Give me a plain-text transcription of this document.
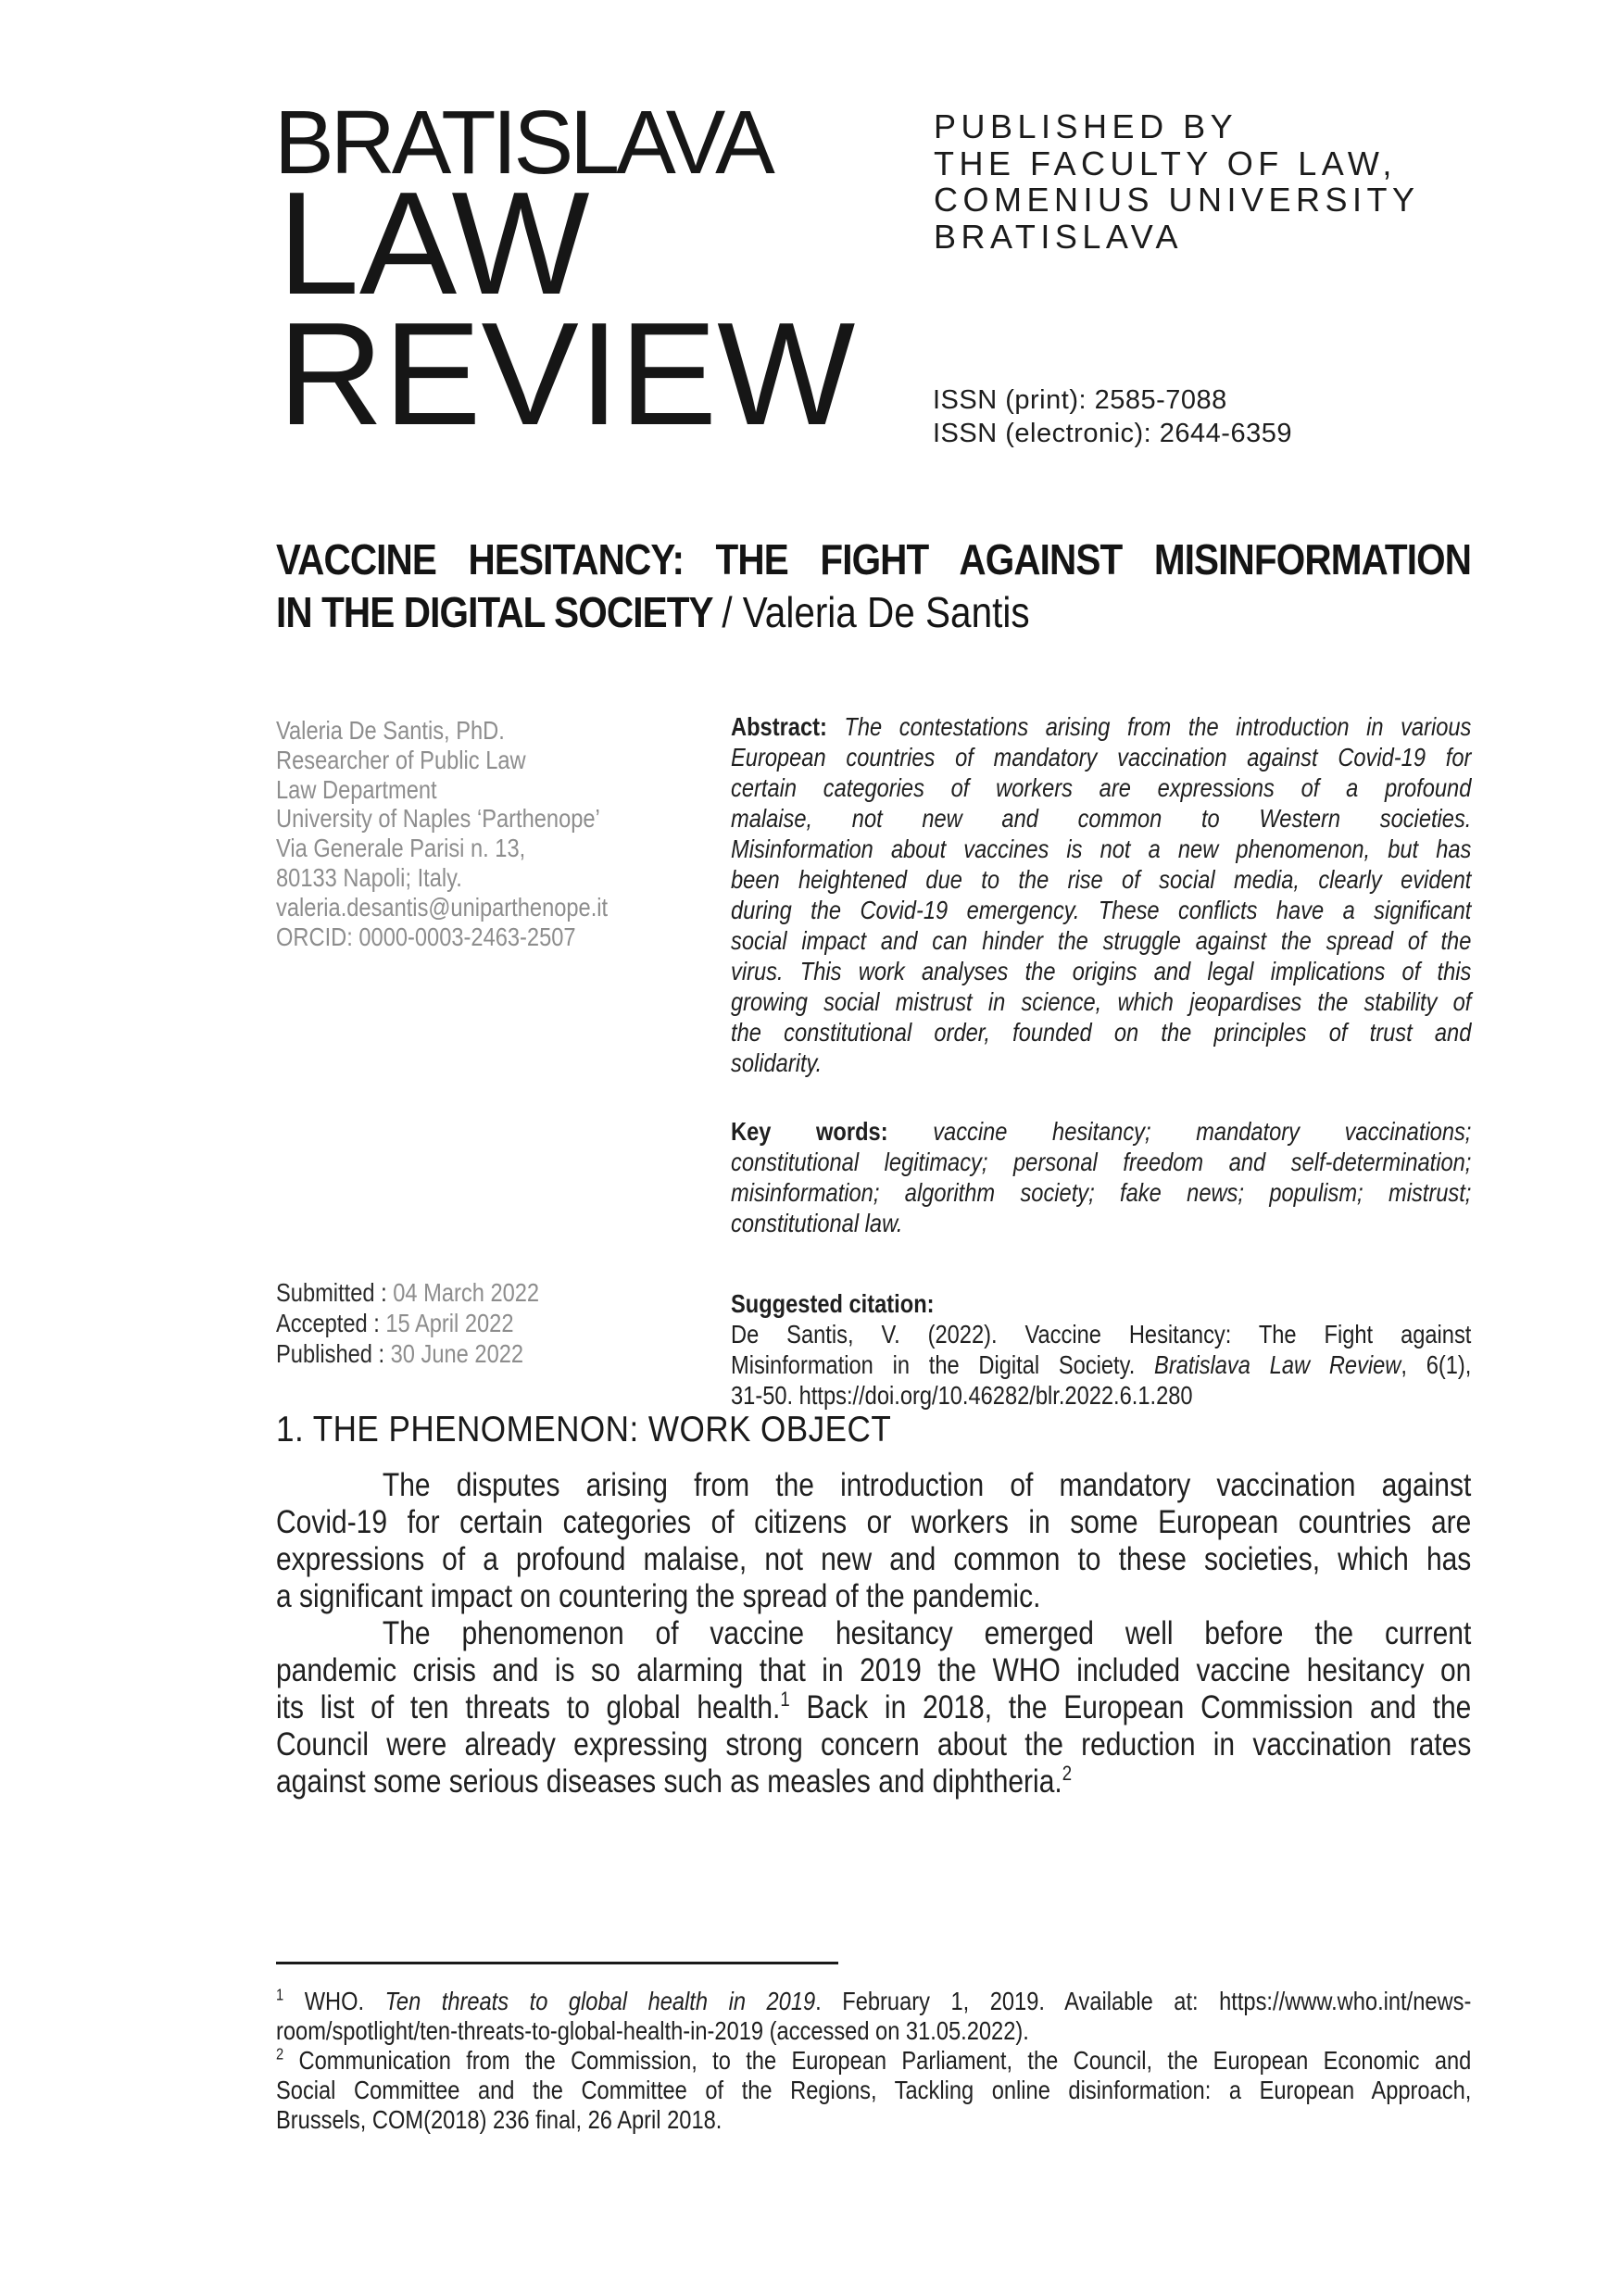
BRATISLAVA
LAW
REVIEW
PUBLISHED BY
THE FACULTY OF LAW,
COMENIUS UNIVERSITY
BRATISLAVA
ISSN (print): 2585-7088
ISSN (electronic): 2644-6359
VACCINE HESITANCY: THE FIGHT AGAINST MISINFORMATION
IN THE DIGITAL SOCIETY / Valeria De Santis
Valeria De Santis, PhD.
Researcher of Public Law
Law Department
University of Naples ‘Parthenope’
Via Generale Parisi n. 13,
80133 Napoli; Italy.
valeria.desantis@uniparthenope.it
ORCID: 0000-0003-2463-2507
Abstract: The contestations arising from the introduction in various
European countries of mandatory vaccination against Covid-19 for
certain categories of workers are expressions of a profound
malaise, not new and common to Western societies.
Misinformation about vaccines is not a new phenomenon, but has
been heightened due to the rise of social media, clearly evident
during the Covid-19 emergency. These conflicts have a significant
social impact and can hinder the struggle against the spread of the
virus. This work analyses the origins and legal implications of this
growing social mistrust in science, which jeopardises the stability of
the constitutional order, founded on the principles of trust and
solidarity.
Key words: vaccine hesitancy; mandatory vaccinations;
constitutional legitimacy; personal freedom and self-determination;
misinformation; algorithm society; fake news; populism; mistrust;
constitutional law.
Suggested citation:
De Santis, V. (2022). Vaccine Hesitancy: The Fight against
Misinformation in the Digital Society. Bratislava Law Review, 6(1),
31-50. https://doi.org/10.46282/blr.2022.6.1.280
Submitted : 04 March 2022
Accepted : 15 April 2022
Published : 30 June 2022
1. THE PHENOMENON: WORK OBJECT
The disputes arising from the introduction of mandatory vaccination against
Covid-19 for certain categories of citizens or workers in some European countries are
expressions of a profound malaise, not new and common to these societies, which has
a significant impact on countering the spread of the pandemic.
The phenomenon of vaccine hesitancy emerged well before the current
pandemic crisis and is so alarming that in 2019 the WHO included vaccine hesitancy on
its list of ten threats to global health.$^1$ Back in 2018, the European Commission and the
Council were already expressing strong concern about the reduction in vaccination rates
against some serious diseases such as measles and diphtheria.$^2$
$^1$ WHO. Ten threats to global health in 2019. February 1, 2019. Available at: https://www.who.int/news-
room/spotlight/ten-threats-to-global-health-in-2019 (accessed on 31.05.2022).
$^2$ Communication from the Commission, to the European Parliament, the Council, the European Economic and
Social Committee and the Committee of the Regions, Tackling online disinformation: a European Approach,
Brussels, COM(2018) 236 final, 26 April 2018.
